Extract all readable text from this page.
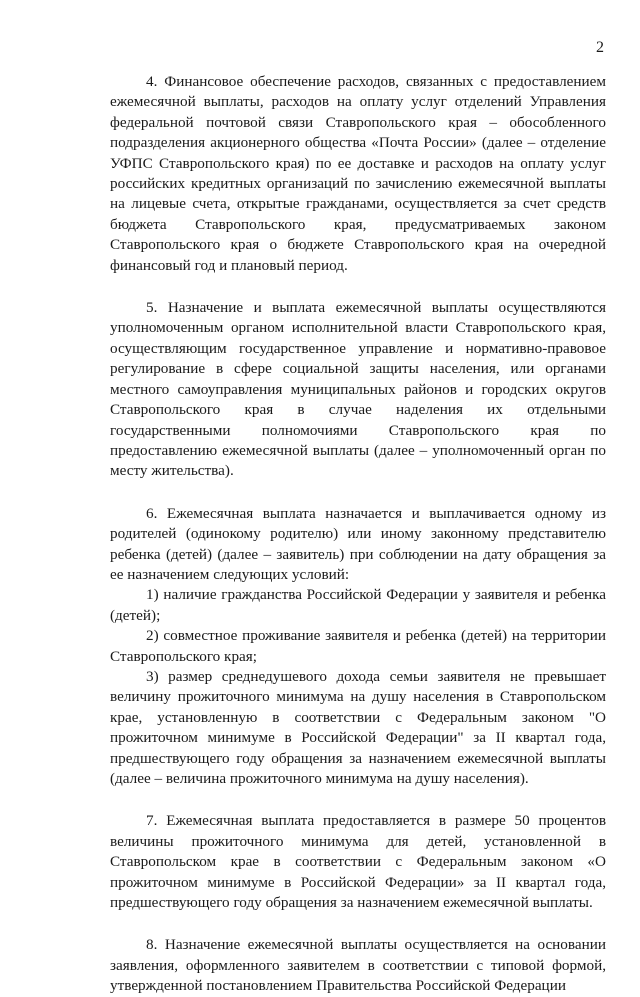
2

4. Финансовое обеспечение расходов, связанных с предоставлением ежемесячной выплаты, расходов на оплату услуг отделений Управления федеральной почтовой связи Ставропольского края – обособленного подразделения акционерного общества «Почта России» (далее – отделение УФПС Ставропольского края) по ее доставке и расходов на оплату услуг российских кредитных организаций по зачислению ежемесячной выплаты на лицевые счета, открытые гражданами, осуществляется за счет средств бюджета Ставропольского края, предусматриваемых законом Ставропольского края о бюджете Ставропольского края на очередной финансовый год и плановый период.

5. Назначение и выплата ежемесячной выплаты осуществляются уполномоченным органом исполнительной власти Ставропольского края, осуществляющим государственное управление и нормативно-правовое регулирование в сфере социальной защиты населения, или органами местного самоуправления муниципальных районов и городских округов Ставропольского края в случае наделения их отдельными государственными полномочиями Ставропольского края по предоставлению ежемесячной выплаты (далее – уполномоченный орган по месту жительства).

6. Ежемесячная выплата назначается и выплачивается одному из родителей (одинокому родителю) или иному законному представителю ребенка (детей) (далее – заявитель) при соблюдении на дату обращения за ее назначением следующих условий:

1) наличие гражданства Российской Федерации у заявителя и ребенка (детей);

2) совместное проживание заявителя и ребенка (детей) на территории Ставропольского края;

3) размер среднедушевого дохода семьи заявителя не превышает величину прожиточного минимума на душу населения в Ставропольском крае, установленную в соответствии с Федеральным законом "О прожиточном минимуме в Российской Федерации" за II квартал года, предшествующего году обращения за назначением ежемесячной выплаты (далее – величина прожиточного минимума на душу населения).

7. Ежемесячная выплата предоставляется в размере 50 процентов величины прожиточного минимума для детей, установленной в Ставропольском крае в соответствии с Федеральным законом «О прожиточном минимуме в Российской Федерации» за II квартал года, предшествующего году обращения за назначением ежемесячной выплаты.

8. Назначение ежемесячной выплаты осуществляется на основании заявления, оформленного заявителем в соответствии с типовой формой, утвержденной постановлением Правительства Российской Федерации
